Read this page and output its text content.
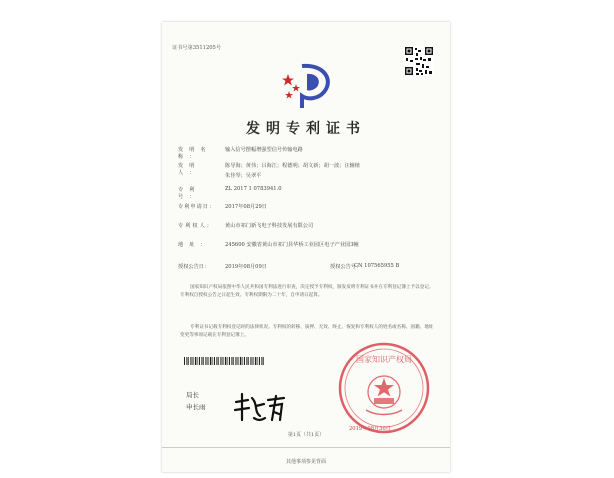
证书号第3511205号
发明专利证书
发明名称：
输入信号摆幅增强型信号传输电路
发明人：
陈导海；黄伟；吕海江；程德明；胡文新；胡一波；汪辅植
朱佳琴；吴翠平
专利号：
ZL 2017 1 0783941.0
专利申请日：	2017年08月29日
专利权人：	黄山市祁门新飞电子科技发展有限公司
地址：	245600 安徽省黄山市祁门县华桥工业园区电子产业园3幢
授权公告日：	2019年08月09日	授权公告号：
CN 107565955 B
国家知识产权局依照中华人民共和国专利法进行审查，决定授予专利权，颁发发明专利证书并在专利登记簿上予以登记。专利权自授权公告之日起生效。专利权期限为二十年，自申请日起算。
专利证书记载专利权登记时的法律状况。专利权的转移、质押、无效、终止、恢复和专利权人的姓名或名称、国籍、地址变更等事项记载在专利登记簿上。
局长
申长雨
国家知识产权局
2019年08月30日
第1页（共1页）
其他事项参见背面
